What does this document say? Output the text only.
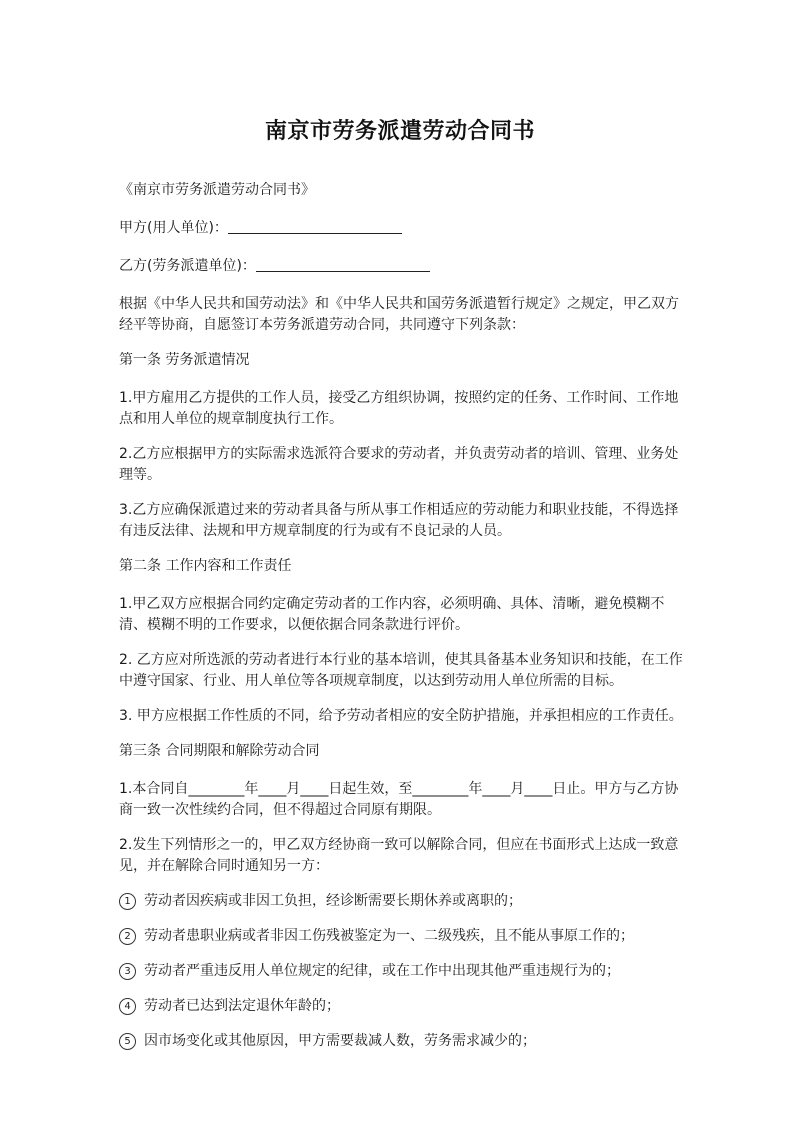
南京市劳务派遣劳动合同书

《南京市劳务派遣劳动合同书》

甲方(用人单位)：

乙方(劳务派遣单位)：

根据《中华人民共和国劳动法》和《中华人民共和国劳务派遣暂行规定》之规定，甲乙双方经平等协商，自愿签订本劳务派遣劳动合同，共同遵守下列条款：

第一条 劳务派遣情况

1.甲方雇用乙方提供的工作人员，接受乙方组织协调，按照约定的任务、工作时间、工作地点和用人单位的规章制度执行工作。

2.乙方应根据甲方的实际需求选派符合要求的劳动者，并负责劳动者的培训、管理、业务处理等。

3.乙方应确保派遣过来的劳动者具备与所从事工作相适应的劳动能力和职业技能，不得选择有违反法律、法规和甲方规章制度的行为或有不良记录的人员。

第二条 工作内容和工作责任

1.甲乙双方应根据合同约定确定劳动者的工作内容，必须明确、具体、清晰，避免模糊不清、模糊不明的工作要求，以便依据合同条款进行评价。

2. 乙方应对所选派的劳动者进行本行业的基本培训，使其具备基本业务知识和技能，在工作中遵守国家、行业、用人单位等各项规章制度，以达到劳动用人单位所需的目标。

3. 甲方应根据工作性质的不同，给予劳动者相应的安全防护措施，并承担相应的工作责任。

第三条 合同期限和解除劳动合同

1.本合同自________年____月____日起生效，至________年____月____日止。甲方与乙方协商一致一次性续约合同，但不得超过合同原有期限。

2.发生下列情形之一的，甲乙双方经协商一致可以解除合同，但应在书面形式上达成一致意见，并在解除合同时通知另一方：

1 劳动者因疾病或非因工负担，经诊断需要长期休养或离职的；

2 劳动者患职业病或者非因工伤残被鉴定为一、二级残疾，且不能从事原工作的；

3 劳动者严重违反用人单位规定的纪律，或在工作中出现其他严重违规行为的；

4 劳动者已达到法定退休年龄的；

5 因市场变化或其他原因，甲方需要裁减人数，劳务需求减少的；
